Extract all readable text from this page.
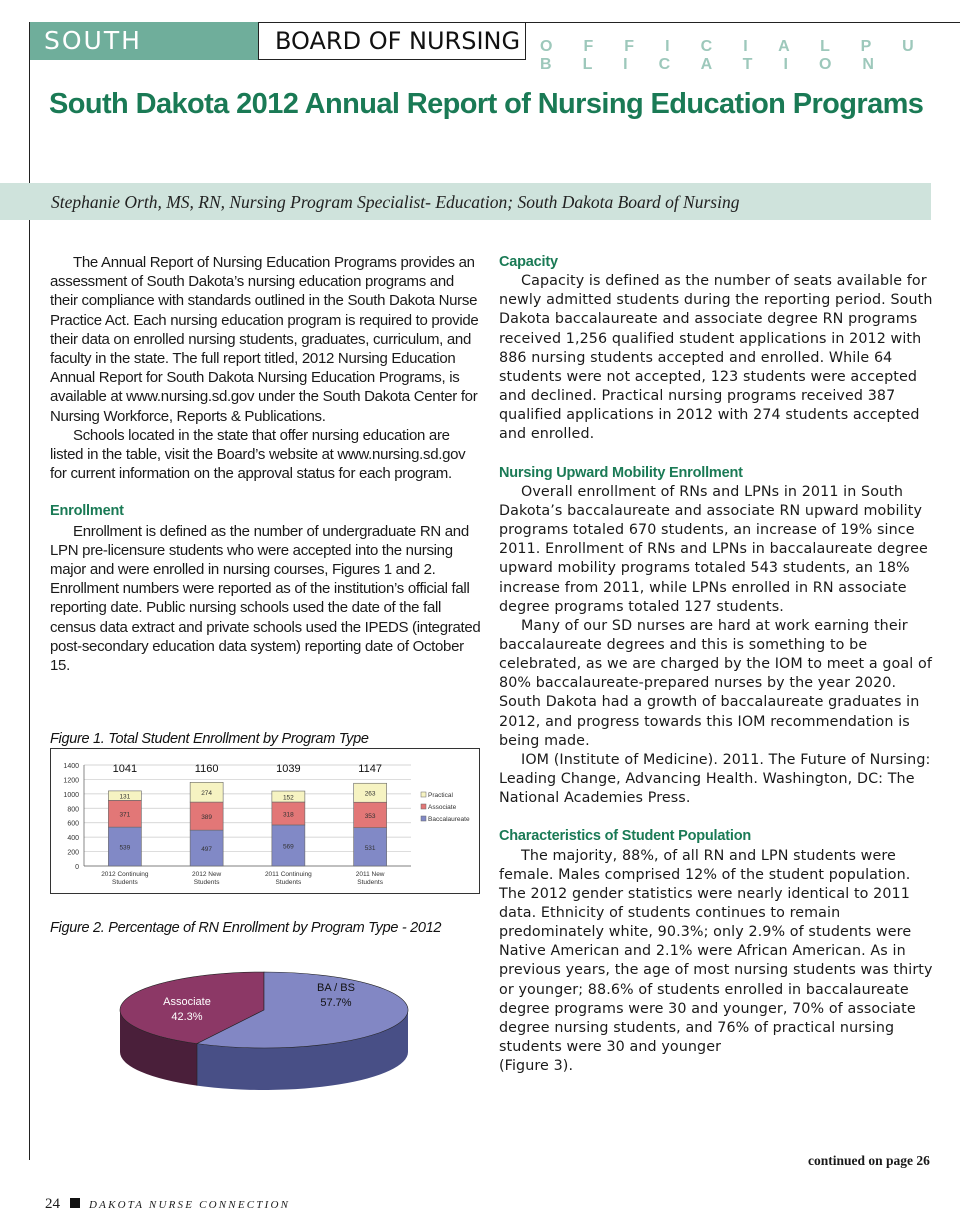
SOUTH DAKOTA
BOARD OF NURSING	O F F I C I A L P U B L I C A T I O N
South Dakota 2012 Annual Report of Nursing Education Programs
Stephanie Orth, MS, RN, Nursing Program Specialist- Education; South Dakota Board of Nursing

The Annual Report of Nursing Education Programs provides an assessment of South Dakota’s nursing education programs and their compliance with standards outlined in the South Dakota Nurse Practice Act. Each nursing education program is required to provide their data on enrolled nursing students, graduates, curriculum, and faculty in the state. The full report titled, 2012 Nursing Education Annual Report for South Dakota Nursing Education Programs, is available at www.nursing.sd.gov under the South Dakota Center for Nursing Workforce, Reports & Publications.

Schools located in the state that offer nursing education are listed in the table, visit the Board’s website at www.nursing.sd.gov for current information on the approval status for each program.

Enrollment

Enrollment is defined as the number of undergraduate RN and LPN pre-licensure students who were accepted into the nursing major and were enrolled in nursing courses, Figures 1 and 2. Enrollment numbers were reported as of the institution’s official fall reporting date. Public nursing schools used the date of the fall census data extract and private schools used the IPEDS (integrated post-secondary education data system) reporting date of October 15.

Figure 1. Total Student Enrollment by Program Type
0
200
400
600
800
1000
1200
1400
539
371
131
1041
2012 Continuing
Students
497
389
274
1160
2012 New
Students
569
318
152
1039
2011 Continuing
Students
531
353
263
1147
2011 New
Students
Practical
Associate
Baccalaureate
Figure 2. Percentage of RN Enrollment by Program Type - 2012
Associate
42.3%
BA / BS
57.7%
Capacity

Capacity is defined as the number of seats available for newly admitted students during the reporting period. South Dakota baccalaureate and associate degree RN programs received 1,256 qualified student applications in 2012 with 886 nursing students accepted and enrolled. While 64 students were not accepted, 123 students were accepted and declined. Practical nursing programs received 387 qualified applications in 2012 with 274 students accepted and enrolled.

Nursing Upward Mobility Enrollment

Overall enrollment of RNs and LPNs in 2011 in South Dakota’s baccalaureate and associate RN upward mobility programs totaled 670 students, an increase of 19% since 2011. Enrollment of RNs and LPNs in baccalaureate degree upward mobility programs totaled 543 students, an 18% increase from 2011, while LPNs enrolled in RN associate degree programs totaled 127 students.

Many of our SD nurses are hard at work earning their baccalaureate degrees and this is something to be celebrated, as we are charged by the IOM to meet a goal of 80% baccalaureate-prepared nurses by the year 2020. South Dakota had a growth of baccalaureate graduates in 2012, and progress towards this IOM recommendation is being made.

IOM (Institute of Medicine). 2011. The Future of Nursing: Leading Change, Advancing Health. Washington, DC: The National Academies Press.

Characteristics of Student Population

The majority, 88%, of all RN and LPN students were female. Males comprised 12% of the student population. The 2012 gender statistics were nearly identical to 2011 data. Ethnicity of students continues to remain predominately white, 90.3%; only 2.9% of students were Native American and 2.1% were African American. As in previous years, the age of most nursing students was thirty or younger; 88.6% of students enrolled in baccalaureate degree programs were 30 and younger, 70% of associate degree nursing students, and 76% of practical nursing students were 30 and younger

(Figure 3).
continued on page 26
24	DAKOTA NURSE CONNECTION
